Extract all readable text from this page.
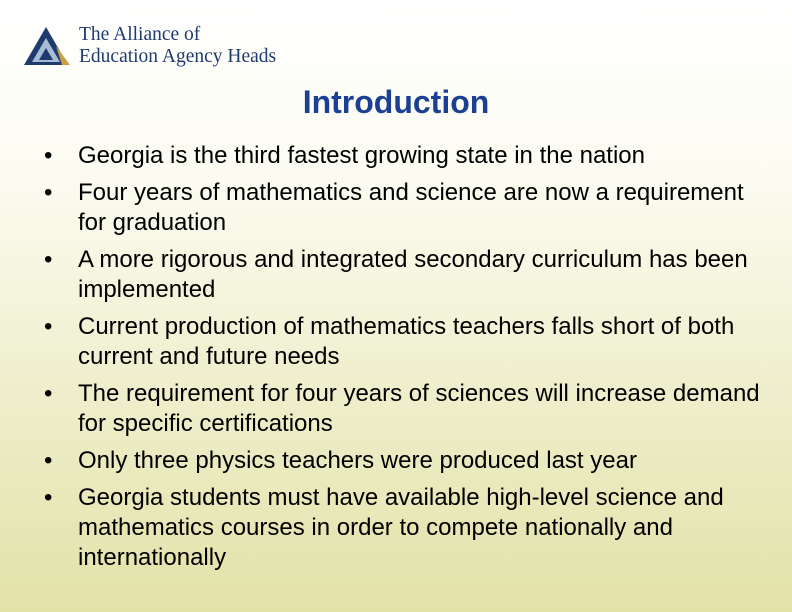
The Alliance of
Education Agency Heads
Introduction
• Georgia is the third fastest growing state in the nation
• Four years of mathematics and science are now a requirement for graduation
• A more rigorous and integrated secondary curriculum has been implemented
• Current production of mathematics teachers falls short of both current and future needs
• The requirement for four years of sciences will increase demand for specific certifications
• Only three physics teachers were produced last year
• Georgia students must have available high-level science and mathematics courses in order to compete nationally and internationally
